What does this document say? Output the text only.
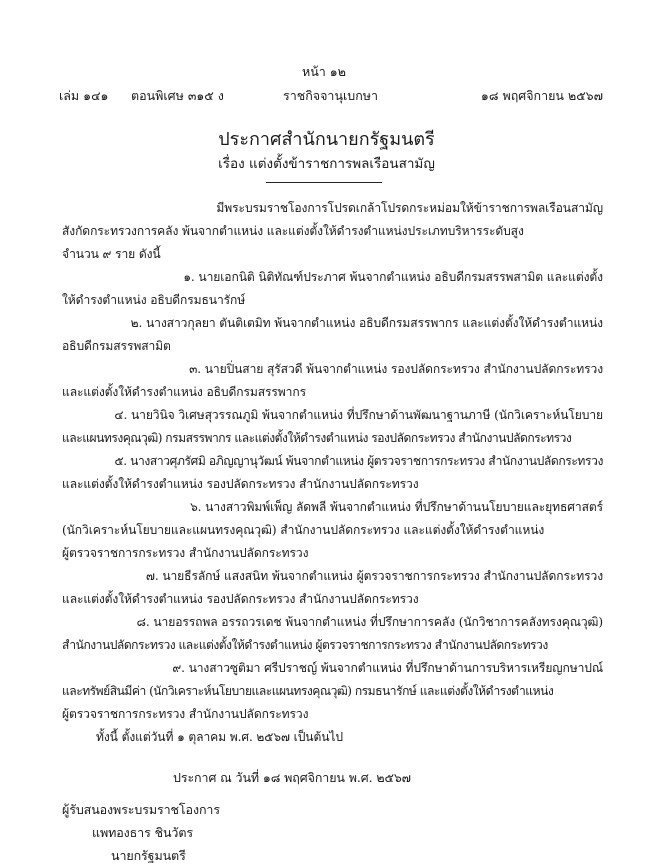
หน้า ๑๒
เล่ม ๑๔๑ ตอนพิเศษ ๓๑๕ ง	ราชกิจจานุเบกษา	๑๘ พฤศจิกายน ๒๕๖๗
ประกาศสำนักนายกรัฐมนตรี
เรื่อง แต่งตั้งข้าราชการพลเรือนสามัญ
มีพระบรมราชโองการโปรดเกล้าโปรดกระหม่อมให้ข้าราชการพลเรือนสามัญ
สังกัดกระทรวงการคลัง พ้นจากตำแหน่ง และแต่งตั้งให้ดำรงตำแหน่งประเภทบริหารระดับสูง
จำนวน ๙ ราย ดังนี้
๑. นายเอกนิติ นิติทัณฑ์ประภาศ พ้นจากตำแหน่ง อธิบดีกรมสรรพสามิต และแต่งตั้ง
ให้ดำรงตำแหน่ง อธิบดีกรมธนารักษ์
๒. นางสาวกุลยา ตันติเตมิท พ้นจากตำแหน่ง อธิบดีกรมสรรพากร และแต่งตั้งให้ดำรงตำแหน่ง
อธิบดีกรมสรรพสามิต
๓. นายปิ่นสาย สุรัสวดี พ้นจากตำแหน่ง รองปลัดกระทรวง สำนักงานปลัดกระทรวง
และแต่งตั้งให้ดำรงตำแหน่ง อธิบดีกรมสรรพากร
๔. นายวินิจ วิเศษสุวรรณภูมิ พ้นจากตำแหน่ง ที่ปรึกษาด้านพัฒนาฐานภาษี (นักวิเคราะห์นโยบาย
และแผนทรงคุณวุฒิ) กรมสรรพากร และแต่งตั้งให้ดำรงตำแหน่ง รองปลัดกระทรวง สำนักงานปลัดกระทรวง
๕. นางสาวศุภรัศมิ อภิญญานุวัฒน์ พ้นจากตำแหน่ง ผู้ตรวจราชการกระทรวง สำนักงานปลัดกระทรวง
และแต่งตั้งให้ดำรงตำแหน่ง รองปลัดกระทรวง สำนักงานปลัดกระทรวง
๖. นางสาวพิมพ์เพ็ญ ลัดพลี พ้นจากตำแหน่ง ที่ปรึกษาด้านนโยบายและยุทธศาสตร์
(นักวิเคราะห์นโยบายและแผนทรงคุณวุฒิ) สำนักงานปลัดกระทรวง และแต่งตั้งให้ดำรงตำแหน่ง
ผู้ตรวจราชการกระทรวง สำนักงานปลัดกระทรวง
๗. นายธีรลักษ์ แสงสนิท พ้นจากตำแหน่ง ผู้ตรวจราชการกระทรวง สำนักงานปลัดกระทรวง
และแต่งตั้งให้ดำรงตำแหน่ง รองปลัดกระทรวง สำนักงานปลัดกระทรวง
๘. นายอรรถพล อรรถวรเดช พ้นจากตำแหน่ง ที่ปรึกษาการคลัง (นักวิชาการคลังทรงคุณวุฒิ)
สำนักงานปลัดกระทรวง และแต่งตั้งให้ดำรงตำแหน่ง ผู้ตรวจราชการกระทรวง สำนักงานปลัดกระทรวง
๙. นางสาวซูติมา ศรีปราชญ์ พ้นจากตำแหน่ง ที่ปรึกษาด้านการบริหารเหรียญกษาปณ์
และทรัพย์สินมีค่า (นักวิเคราะห์นโยบายและแผนทรงคุณวุฒิ) กรมธนารักษ์ และแต่งตั้งให้ดำรงตำแหน่ง
ผู้ตรวจราชการกระทรวง สำนักงานปลัดกระทรวง
ทั้งนี้ ตั้งแต่วันที่ ๑ ตุลาคม พ.ศ. ๒๕๖๗ เป็นต้นไป
ประกาศ ณ วันที่ ๑๘ พฤศจิกายน พ.ศ. ๒๕๖๗
ผู้รับสนองพระบรมราชโองการ
แพทองธาร ชินวัตร
นายกรัฐมนตรี
